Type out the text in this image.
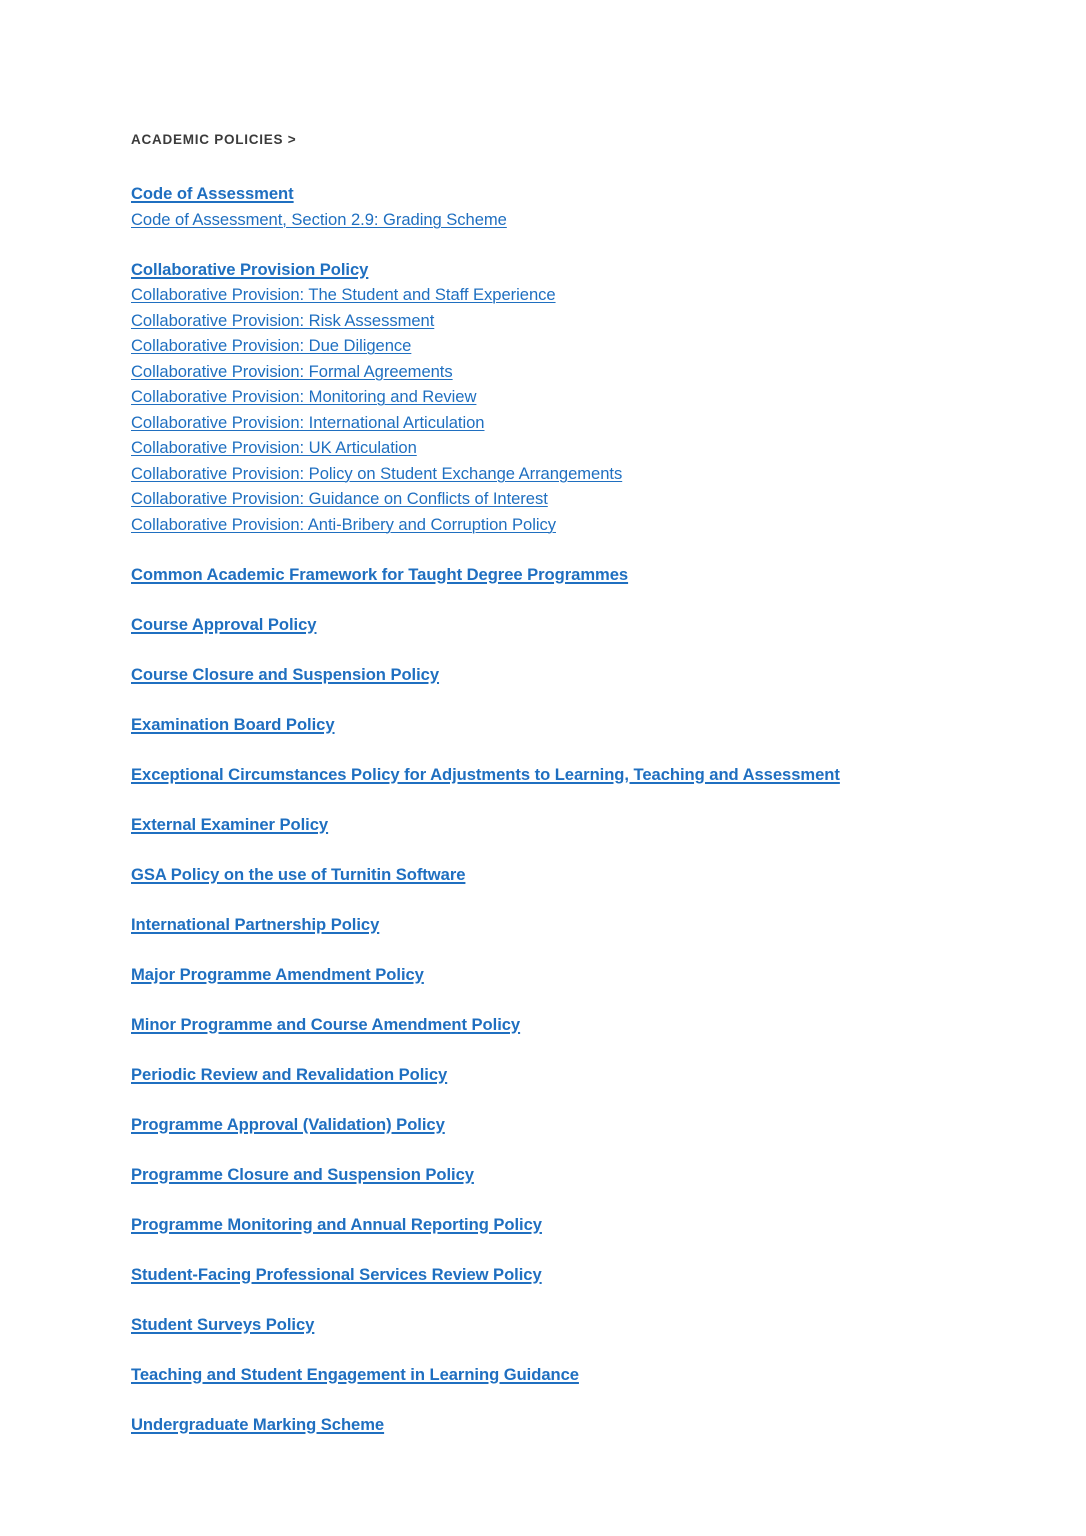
ACADEMIC POLICIES >
Code of Assessment
Code of Assessment, Section 2.9: Grading Scheme
Collaborative Provision Policy
Collaborative Provision: The Student and Staff Experience
Collaborative Provision: Risk Assessment
Collaborative Provision: Due Diligence
Collaborative Provision: Formal Agreements
Collaborative Provision: Monitoring and Review
Collaborative Provision: International Articulation
Collaborative Provision: UK Articulation
Collaborative Provision: Policy on Student Exchange Arrangements
Collaborative Provision: Guidance on Conflicts of Interest
Collaborative Provision: Anti-Bribery and Corruption Policy
Common Academic Framework for Taught Degree Programmes
Course Approval Policy
Course Closure and Suspension Policy
Examination Board Policy
Exceptional Circumstances Policy for Adjustments to Learning, Teaching and Assessment
External Examiner Policy
GSA Policy on the use of Turnitin Software
International Partnership Policy
Major Programme Amendment Policy
Minor Programme and Course Amendment Policy
Periodic Review and Revalidation Policy
Programme Approval (Validation) Policy
Programme Closure and Suspension Policy
Programme Monitoring and Annual Reporting Policy
Student-Facing Professional Services Review Policy
Student Surveys Policy
Teaching and Student Engagement in Learning Guidance
Undergraduate Marking Scheme
